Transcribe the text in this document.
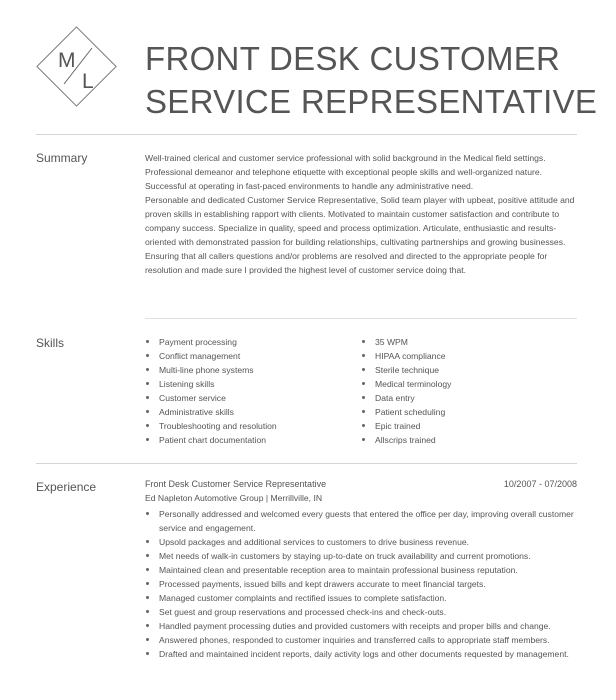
M
L
FRONT DESK CUSTOMER
SERVICE REPRESENTATIVE
Summary	Well-trained clerical and customer service professional with solid background in the Medical field settings. Professional demeanor and telephone etiquette with exceptional people skills and well-organized nature. Successful at operating in fast-paced environments to handle any administrative need.

Personable and dedicated Customer Service Representative, Solid team player with upbeat, positive attitude and proven skills in establishing rapport with clients. Motivated to maintain customer satisfaction and contribute to company success. Specialize in quality, speed and process optimization. Articulate, enthusiastic and results-oriented with demonstrated passion for building relationships, cultivating partnerships and growing businesses.

Ensuring that all callers questions and/or problems are resolved and directed to the appropriate people for resolution and made sure I provided the highest level of customer service doing that.

Skills	Payment processing
Conflict management
Multi-line phone systems
Listening skills
Customer service
Administrative skills
Troubleshooting and resolution
Patient chart documentation
35 WPM
HIPAA compliance
Sterile technique
Medical terminology
Data entry
Patient scheduling
Epic trained
Allscrips trained
Experience	Front Desk Customer Service Representative	10/2007 - 07/2008
Ed Napleton Automotive Group | Merrillville, IN
Personally addressed and welcomed every guests that entered the office per day, improving overall customer service and engagement.
Upsold packages and additional services to customers to drive business revenue.
Met needs of walk-in customers by staying up-to-date on truck availability and current promotions.
Maintained clean and presentable reception area to maintain professional business reputation.
Processed payments, issued bills and kept drawers accurate to meet financial targets.
Managed customer complaints and rectified issues to complete satisfaction.
Set guest and group reservations and processed check-ins and check-outs.
Handled payment processing duties and provided customers with receipts and proper bills and change.
Answered phones, responded to customer inquiries and transferred calls to appropriate staff members.
Drafted and maintained incident reports, daily activity logs and other documents requested by management.
